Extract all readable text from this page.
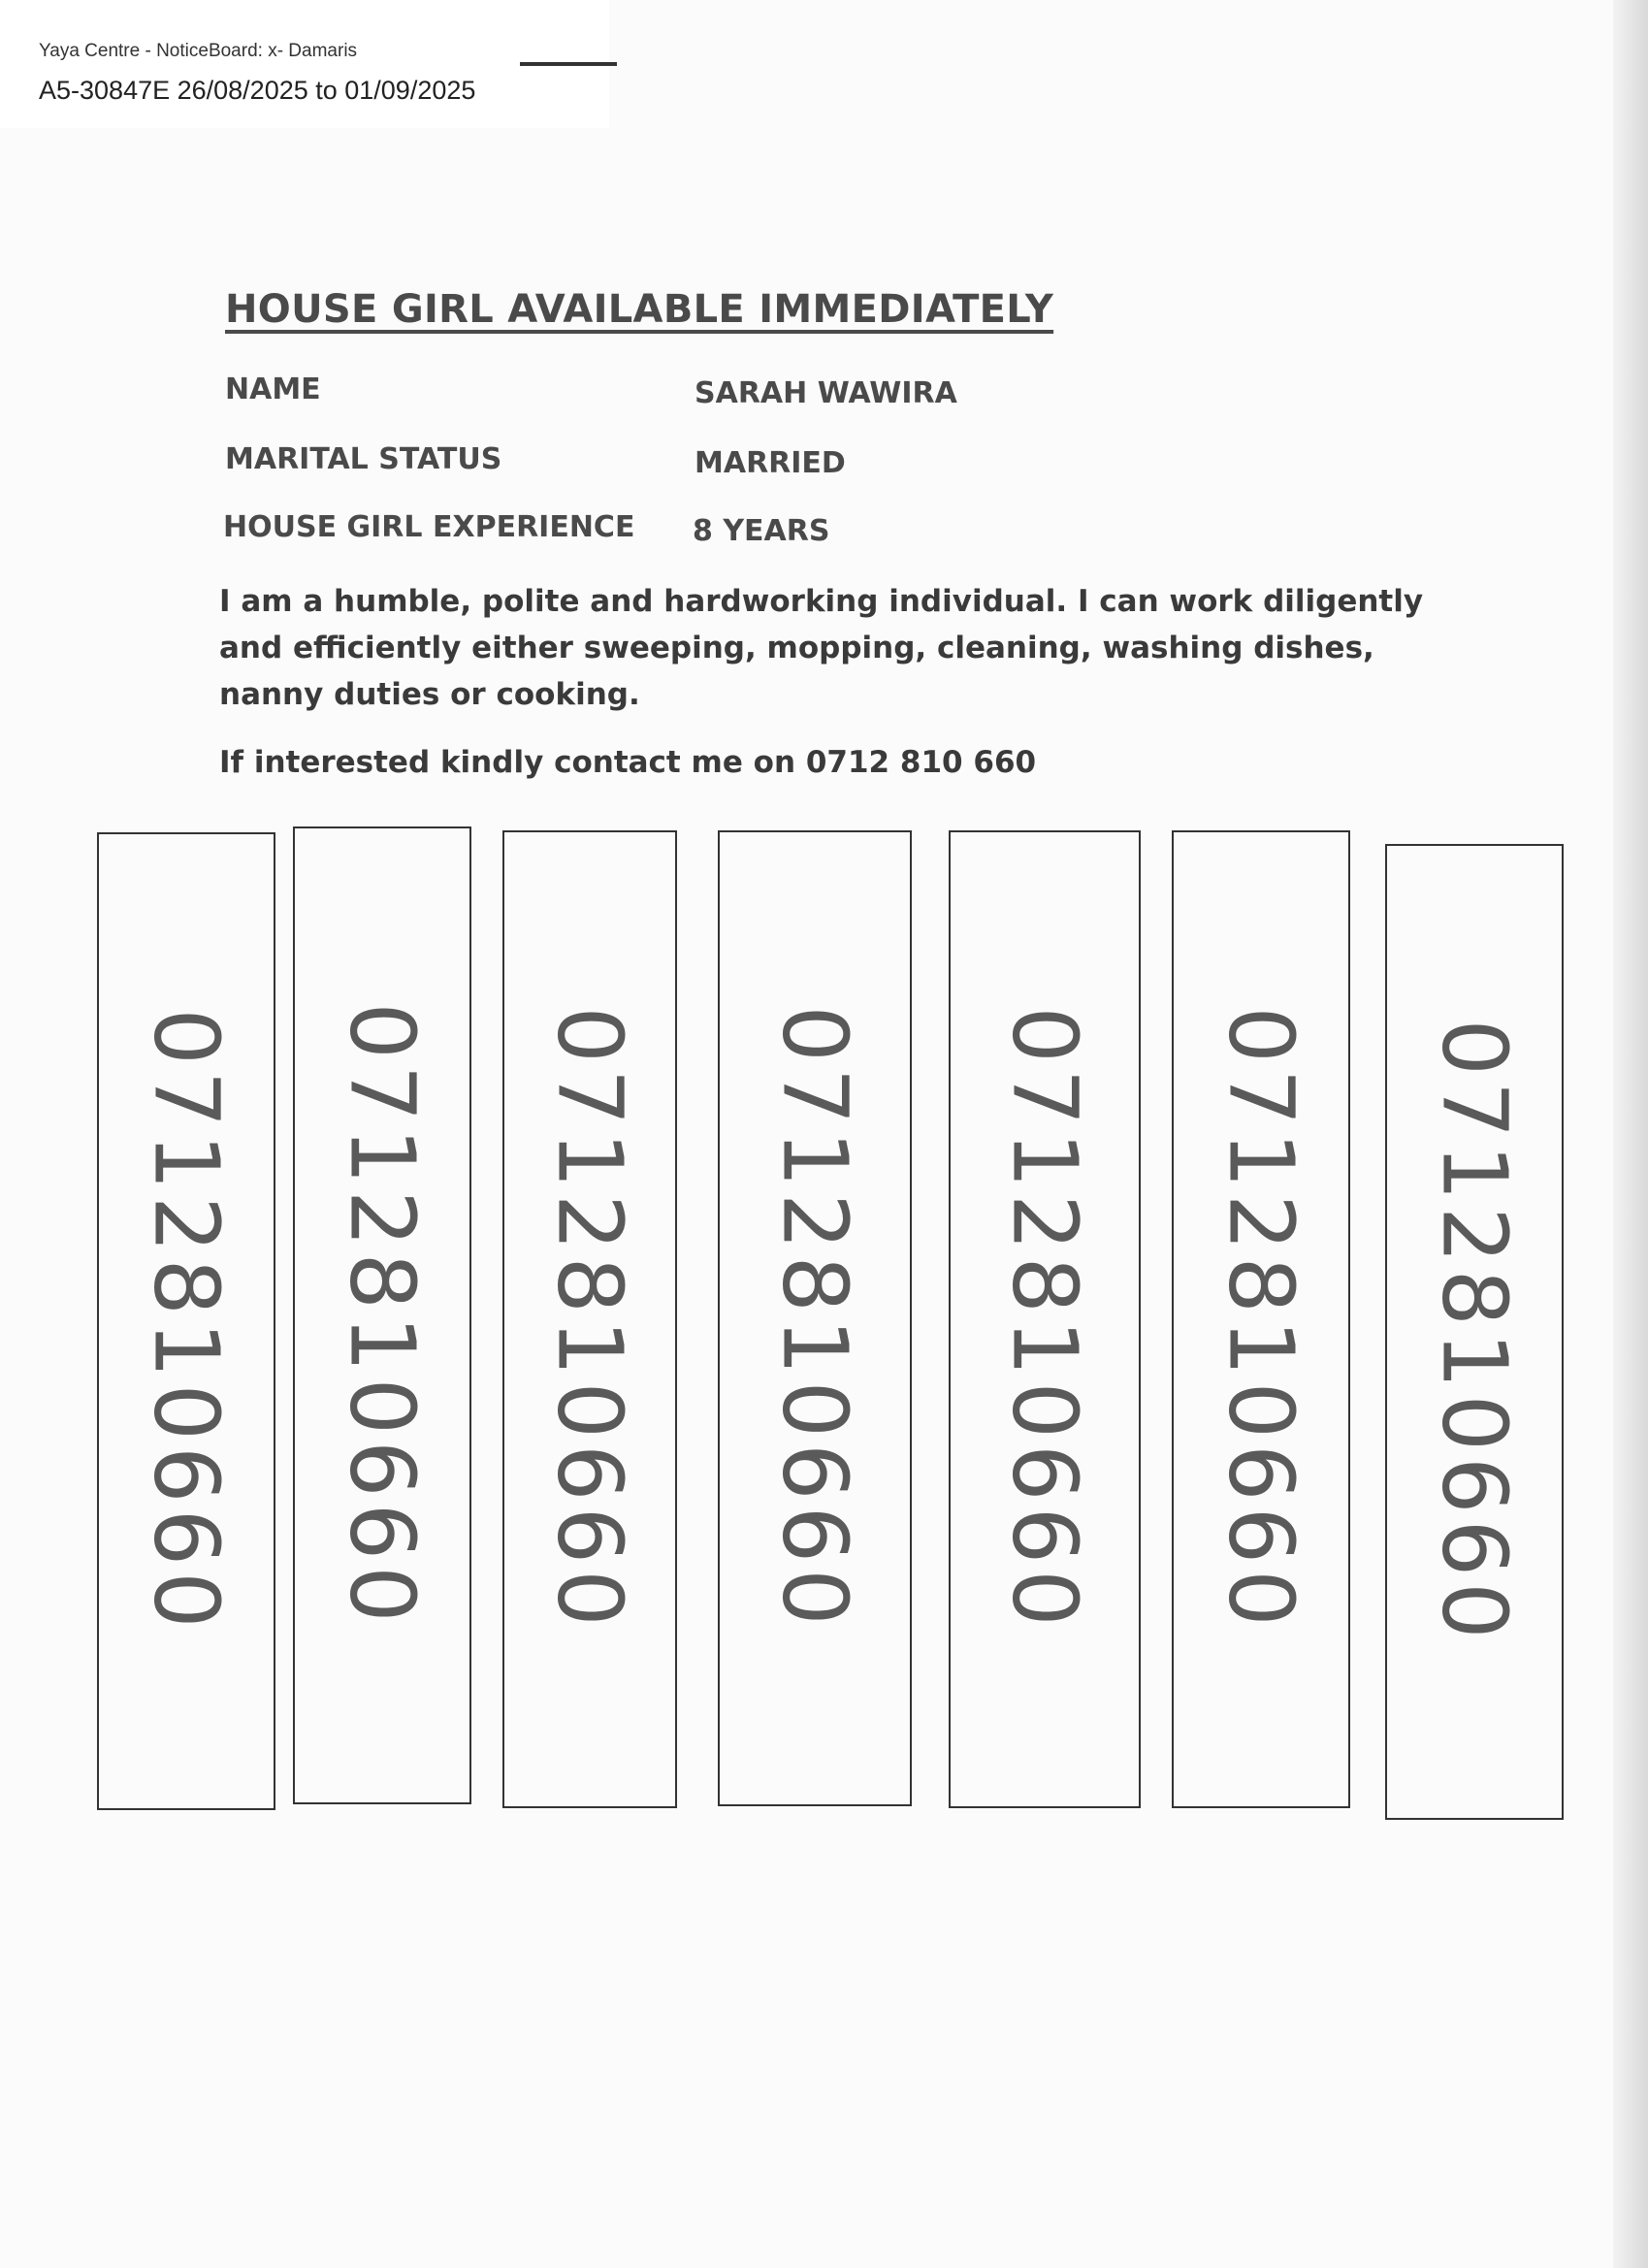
Yaya Centre - NoticeBoard: x- Damaris
A5-30847E 26/08/2025 to 01/09/2025
HOUSE GIRL AVAILABLE IMMEDIATELY
NAME	SARAH WAWIRA
MARITAL STATUS	MARRIED
HOUSE GIRL EXPERIENCE 8 YEARS
I am a humble, polite and hardworking individual. I can work diligently and efficiently either sweeping, mopping, cleaning, washing dishes, nanny duties or cooking.
If interested kindly contact me on 0712 810 660
0712810660 0712810660 0712810660 0712810660 0712810660 0712810660 0712810660
